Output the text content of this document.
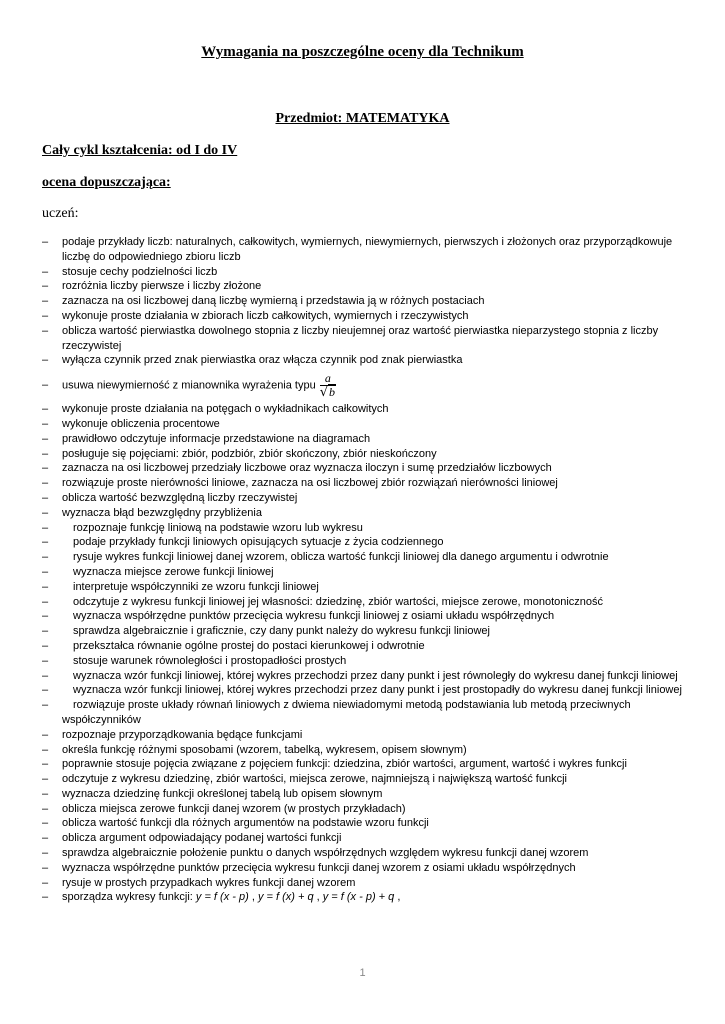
Wymagania na poszczególne oceny dla Technikum
Przedmiot: MATEMATYKA

Cały cykl kształcenia: od I do IV

ocena dopuszczająca:

uczeń:

–	podaje przykłady liczb: naturalnych, całkowitych, wymiernych, niewymiernych, pierwszych i złożonych oraz przyporządkowuje liczbę do odpowiedniego zbioru liczb
–	stosuje cechy podzielności liczb
–	rozróżnia liczby pierwsze i liczby złożone
–	zaznacza na osi liczbowej daną liczbę wymierną i przedstawia ją w różnych postaciach
–	wykonuje proste działania w zbiorach liczb całkowitych, wymiernych i rzeczywistych
–	oblicza wartość pierwiastka dowolnego stopnia z liczby nieujemnej oraz wartość pierwiastka nieparzystego stopnia z liczby rzeczywistej
–	wyłącza czynnik przed znak pierwiastka oraz włącza czynnik pod znak pierwiastka
–	usuwa niewymierność z mianownika wyrażenia typu $\frac{a}{√b}$
–	wykonuje proste działania na potęgach o wykładnikach całkowitych
–	wykonuje obliczenia procentowe
–	prawidłowo odczytuje informacje przedstawione na diagramach
–	posługuje się pojęciami: zbiór, podzbiór, zbiór skończony, zbiór nieskończony
–	zaznacza na osi liczbowej przedziały liczbowe oraz wyznacza iloczyn i sumę przedziałów liczbowych
–	rozwiązuje proste nierówności liniowe, zaznacza na osi liczbowej zbiór rozwiązań nierówności liniowej
–	oblicza wartość bezwzględną liczby rzeczywistej
–	wyznacza błąd bezwzględny przybliżenia
–	rozpoznaje funkcję liniową na podstawie wzoru lub wykresu
–	podaje przykłady funkcji liniowych opisujących sytuacje z życia codziennego
–	rysuje wykres funkcji liniowej danej wzorem, oblicza wartość funkcji liniowej dla danego argumentu i odwrotnie
–	wyznacza miejsce zerowe funkcji liniowej
–	interpretuje współczynniki ze wzoru funkcji liniowej
–	odczytuje z wykresu funkcji liniowej jej własności: dziedzinę, zbiór wartości, miejsce zerowe, monotoniczność
–	wyznacza współrzędne punktów przecięcia wykresu funkcji liniowej z osiami układu współrzędnych
–	sprawdza algebraicznie i graficznie, czy dany punkt należy do wykresu funkcji liniowej
–	przekształca równanie ogólne prostej do postaci kierunkowej i odwrotnie
–	stosuje warunek równoległości i prostopadłości prostych
–	wyznacza wzór funkcji liniowej, której wykres przechodzi przez dany punkt i jest równoległy do wykresu danej funkcji liniowej
–	wyznacza wzór funkcji liniowej, której wykres przechodzi przez dany punkt i jest prostopadły do wykresu danej funkcji liniowej
–	rozwiązuje proste układy równań liniowych z dwiema niewiadomymi metodą podstawiania lub metodą przeciwnych współczynników
–	rozpoznaje przyporządkowania będące funkcjami
–	określa funkcję różnymi sposobami (wzorem, tabelką, wykresem, opisem słownym)
–	poprawnie stosuje pojęcia związane z pojęciem funkcji: dziedzina, zbiór wartości, argument, wartość i wykres funkcji
–	odczytuje z wykresu dziedzinę, zbiór wartości, miejsca zerowe, najmniejszą i największą wartość funkcji
–	wyznacza dziedzinę funkcji określonej tabelą lub opisem słownym
–	oblicza miejsca zerowe funkcji danej wzorem (w prostych przykładach)
–	oblicza wartość funkcji dla różnych argumentów na podstawie wzoru funkcji
–	oblicza argument odpowiadający podanej wartości funkcji
–	sprawdza algebraicznie położenie punktu o danych współrzędnych względem wykresu funkcji danej wzorem
–	wyznacza współrzędne punktów przecięcia wykresu funkcji danej wzorem z osiami układu współrzędnych
–	rysuje w prostych przypadkach wykres funkcji danej wzorem
–	sporządza wykresy funkcji: y = f (x - p) , y = f (x) + q , y = f (x - p) + q ,

1
